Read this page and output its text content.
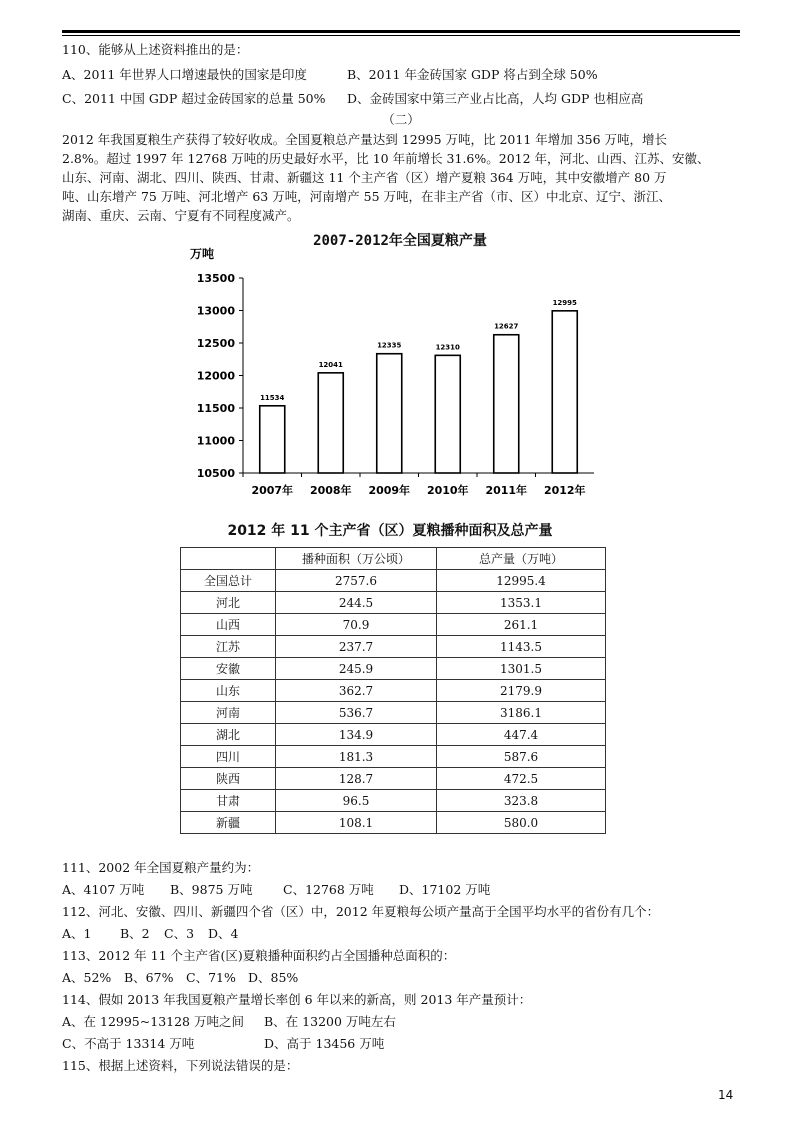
110、能够从上述资料推出的是：
A、2011 年世界人口增速最快的国家是印度	B、2011 年金砖国家 GDP 将占到全球 50%
C、2011 中国 GDP 超过金砖国家的总量 50% D、金砖国家中第三产业占比高，人均 GDP 也相应高
（二）
2012 年我国夏粮生产获得了较好收成。全国夏粮总产量达到 12995 万吨，比 2011 年增加 356 万吨，增长
2.8%。超过 1997 年 12768 万吨的历史最好水平，比 10 年前增长 31.6%。2012 年，河北、山西、江苏、安徽、
山东、河南、湖北、四川、陕西、甘肃、新疆这 11 个主产省（区）增产夏粮 364 万吨，其中安徽增产 80 万
吨、山东增产 75 万吨、河北增产 63 万吨，河南增产 55 万吨，在非主产省（市、区）中北京、辽宁、浙江、
湖南、重庆、云南、宁夏有不同程度减产。
2007-2012年全国夏粮产量
万吨
10500
11000
11500
12000
12500
13000
13500
11534
2007年
12041
2008年
12335
2009年
12310
2010年
12627
2011年
12995
2012年
2012 年 11 个主产省（区）夏粮播种面积及总产量
	播种面积（万公顷）	总产量（万吨）
全国总计	2757.6	12995.4
河北	244.5	1353.1
山西	70.9	261.1
江苏	237.7	1143.5
安徽	245.9	1301.5
山东	362.7	2179.9
河南	536.7	3186.1
湖北	134.9	447.4
四川	181.3	587.6
陕西	128.7	472.5
甘肃	96.5	323.8
新疆	108.1	580.0
111、2002 年全国夏粮产量约为：
A、4107 万吨 B、9875 万吨 C、12768 万吨 D、17102 万吨
112、河北、安徽、四川、新疆四个省（区）中，2012 年夏粮每公顷产量高于全国平均水平的省份有几个：
A、1 B、2 C、3 D、4
113、2012 年 11 个主产省(区)夏粮播种面积约占全国播种总面积的：
A、52% B、67% C、71% D、85%
114、假如 2013 年我国夏粮产量增长率创 6 年以来的新高，则 2013 年产量预计：
A、在 12995~13128 万吨之间 B、在 13200 万吨左右
C、不高于 13314 万吨	D、高于 13456 万吨
115、根据上述资料，下列说法错误的是：
14
